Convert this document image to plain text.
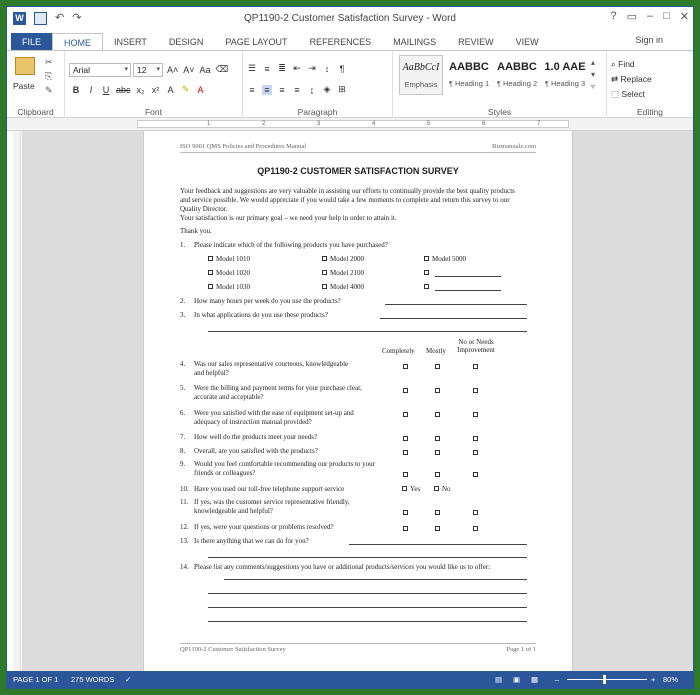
W	↶ ↷	QP1190-2 Customer Satisfaction Survey - Word	? ▭ – □ ✕
FILE	HOME	INSERT	DESIGN	PAGE LAYOUT	REFERENCES	MAILINGS	REVIEW	VIEW	Sign in
Paste
✂
⎘
✎
Clipboard
Arial	▾	12 ▾ A˄ A˅ Aa ⌫
B	I	U abc x₂ x² A ✎ A
Font
☰ ≡ ≣ ⇤ ⇥ ↕	¶
≡ ≡ ≡ ≡	↨	◈ ⊞
Paragraph
AaBbCcI
Emphasis
AABBC
¶ Heading 1
AABBC
¶ Heading 2
1.0 AAE
¶ Heading 3
▴
▾
▿
Styles
⌕ Find
⇄ Replace
⬚ Select
Editing
1	2	3	4	5	6	7
ISO 9001 QMS Policies and Procedures Manual	Bizmanualz.com
QP1190-2 CUSTOMER SATISFACTION SURVEY
Your feedback and suggestions are very valuable in assisting our efforts to continually provide the best quality products and service possible. We would appreciate if you would take a few moments to complete and return this survey to our Quality Director.
Your satisfaction is our primary goal – we need your help in order to attain it.
Thank you.
1. Please indicate which of the following products you have purchased?
Model 1010	Model 2000	Model 5000
Model 1020	Model 2100
Model 1030	Model 4000
2. How many hours per week do you use the products?
3. In what applications do you use these products?
Completely Mostly
No or Needs Improvement
4. Was our sales representative courteous, knowledgeable and helpful?
5. Were the billing and payment terms for your purchase clear, accurate and acceptable?
6. Were you satisfied with the ease of equipment set-up and adequacy of instruction manual provided?
7. How well do the products meet your needs?
8. Overall, are you satisfied with the products?
9. Would you feel comfortable recommending our products to your friends or colleagues?
10. Have you used our toll-free telephone support service	Yes	No
11. If yes, was the customer service representative friendly, knowledgeable and helpful?
12. If yes, were your questions or problems resolved?
13. Is there anything that we can do for you?
14. Please list any comments/suggestions you have or additional products/services you would like us to offer:
QP1190-2 Customer Satisfaction Survey	Page 1 of 1
PAGE 1 OF 1 275 WORDS ✓	▤ ▣ ▦ –	+ 80%
